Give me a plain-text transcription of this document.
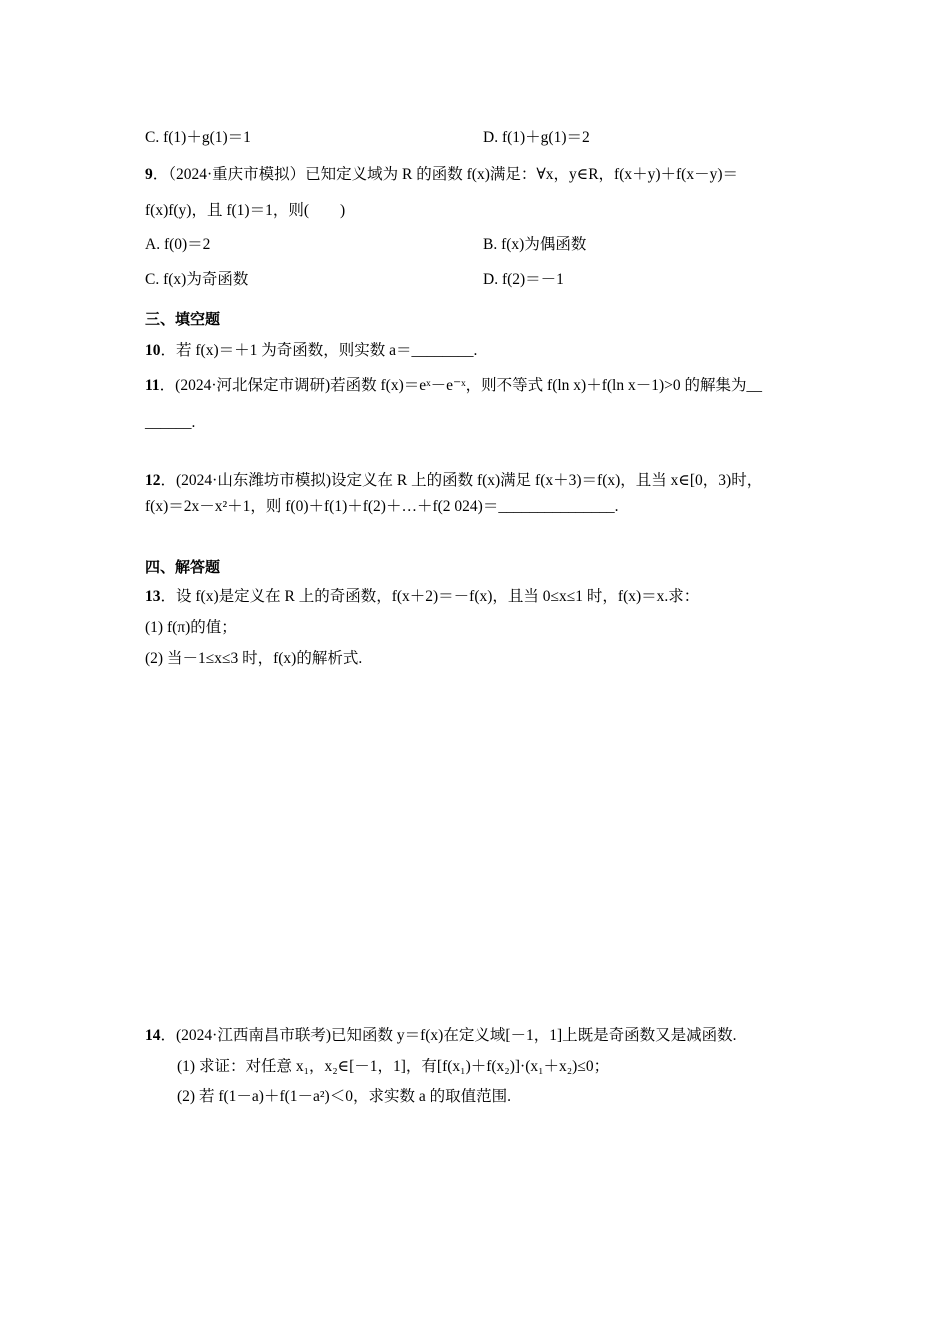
C. f(1)＋g(1)＝1	D. f(1)＋g(1)＝2
9．（2024·重庆市模拟）已知定义域为 R 的函数 f(x)满足：∀x，y∈R，f(x＋y)＋f(x－y)＝
f(x)f(y)，且 f(1)＝1，则(　　)
A. f(0)＝2	B. f(x)为偶函数
C. f(x)为奇函数	D. f(2)＝－1
三、填空题
10．若 f(x)＝＋1 为奇函数，则实数 a＝________.
11．(2024·河北保定市调研)若函数 f(x)＝eˣ－e⁻ˣ，则不等式 f(ln x)＋f(ln x－1)>0 的解集为__
______.
12．(2024·山东潍坊市模拟)设定义在 R 上的函数 f(x)满足 f(x＋3)＝f(x)，且当 x∈[0，3)时，
f(x)＝2x－x²＋1，则 f(0)＋f(1)＋f(2)＋…＋f(2 024)＝_______________.
四、解答题
13．设 f(x)是定义在 R 上的奇函数，f(x＋2)＝－f(x)，且当 0≤x≤1 时，f(x)＝x.求：
(1) f(π)的值；
(2) 当－1≤x≤3 时，f(x)的解析式.
14．(2024·江西南昌市联考)已知函数 y＝f(x)在定义域[－1，1]上既是奇函数又是减函数.
(1) 求证：对任意 x₁，x₂∈[－1，1]，有[f(x₁)＋f(x₂)]·(x₁＋x₂)≤0；
(2) 若 f(1－a)＋f(1－a²)＜0，求实数 a 的取值范围.
